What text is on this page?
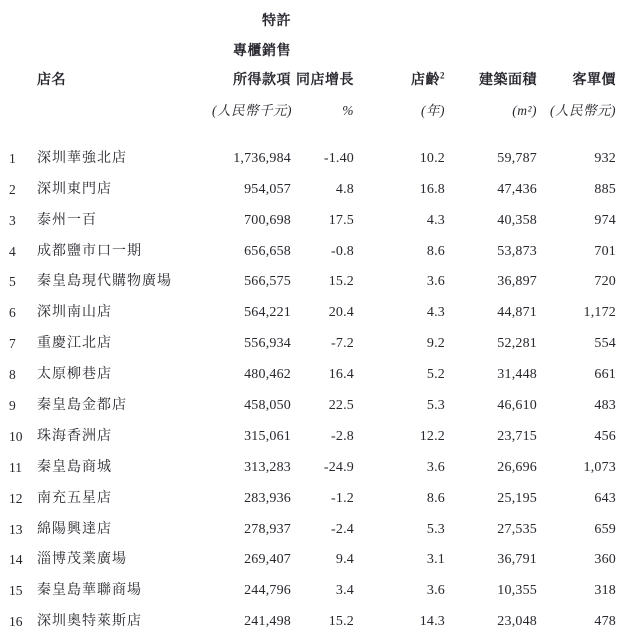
		特許				
		專櫃銷售				
	店名	所得款項	同店增長	店齡$^2$	建築面積	客單價
		(人民幣千元)	%	(年)	(m²)	(人民幣元)

1	深圳華強北店	1,736,984	-1.40	10.2	59,787	932
2	深圳東門店	954,057	4.8	16.8	47,436	885
3	泰州一百	700,698	17.5	4.3	40,358	974
4	成都鹽市口一期	656,658	-0.8	8.6	53,873	701
5	秦皇島現代購物廣場	566,575	15.2	3.6	36,897	720
6	深圳南山店	564,221	20.4	4.3	44,871	1,172
7	重慶江北店	556,934	-7.2	9.2	52,281	554
8	太原柳巷店	480,462	16.4	5.2	31,448	661
9	秦皇島金都店	458,050	22.5	5.3	46,610	483
10	珠海香洲店	315,061	-2.8	12.2	23,715	456
11	秦皇島商城	313,283	-24.9	3.6	26,696	1,073
12	南充五星店	283,936	-1.2	8.6	25,195	643
13	綿陽興達店	278,937	-2.4	5.3	27,535	659
14	淄博茂業廣場	269,407	9.4	3.1	36,791	360
15	秦皇島華聯商場	244,796	3.4	3.6	10,355	318
16	深圳奧特萊斯店	241,498	15.2	14.3	23,048	478
